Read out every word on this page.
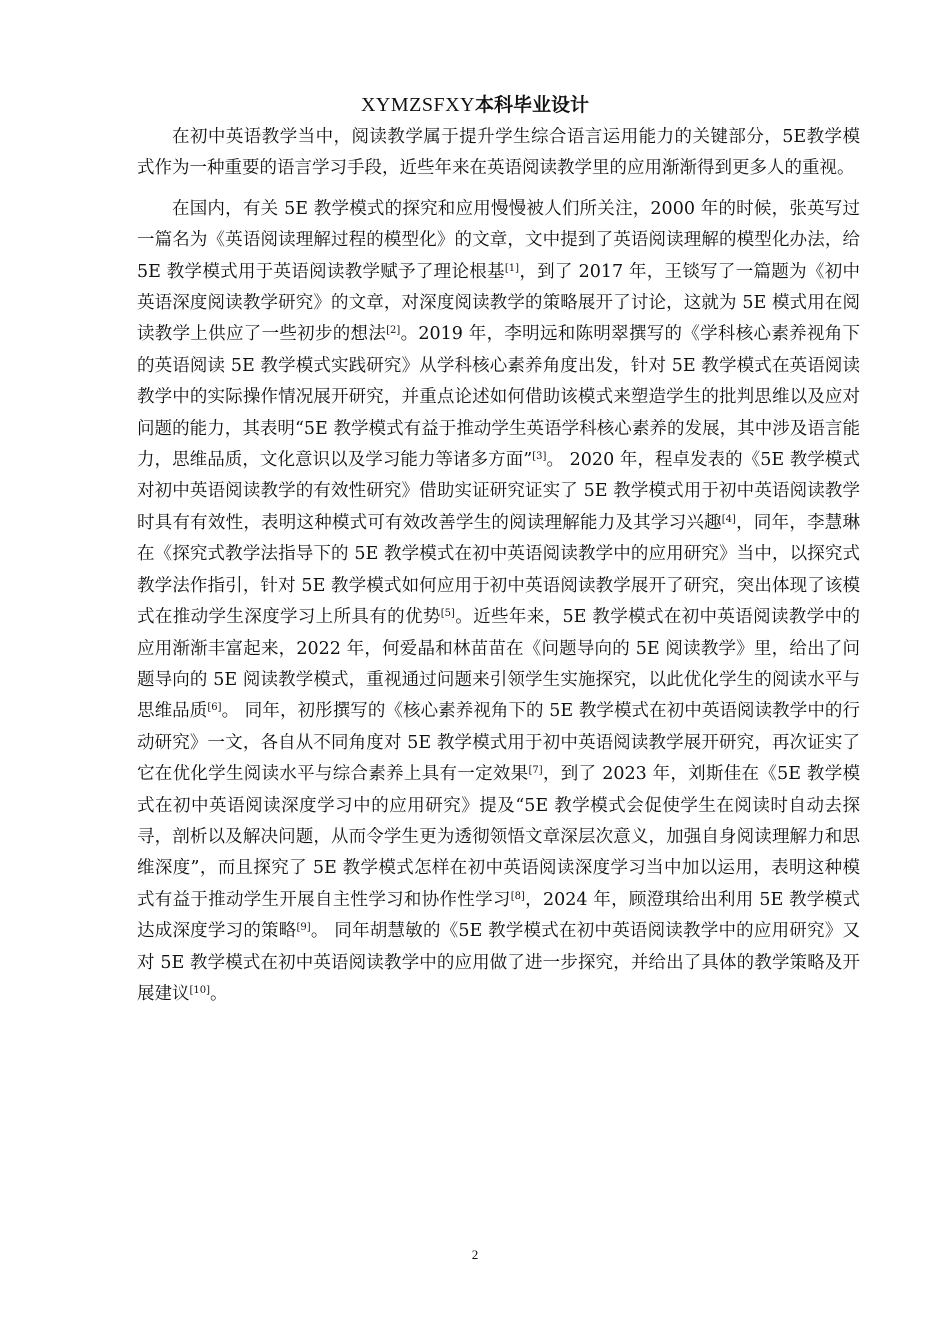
XYMZSFXY本科毕业设计

在初中英语教学当中，阅读教学属于提升学生综合语言运用能力的关键部分，5E教学模式作为一种重要的语言学习手段，近些年来在英语阅读教学里的应用渐渐得到更多人的重视。

在国内，有关 5E 教学模式的探究和应用慢慢被人们所关注，2000 年的时候，张英写过一篇名为《英语阅读理解过程的模型化》的文章，文中提到了英语阅读理解的模型化办法，给 5E 教学模式用于英语阅读教学赋予了理论根基[1]，到了 2017 年，王锬写了一篇题为《初中英语深度阅读教学研究》的文章，对深度阅读教学的策略展开了讨论，这就为 5E 模式用在阅读教学上供应了一些初步的想法[2]。2019 年，李明远和陈明翠撰写的《学科核心素养视角下的英语阅读 5E 教学模式实践研究》从学科核心素养角度出发，针对 5E 教学模式在英语阅读教学中的实际操作情况展开研究，并重点论述如何借助该模式来塑造学生的批判思维以及应对问题的能力，其表明“5E 教学模式有益于推动学生英语学科核心素养的发展，其中涉及语言能力，思维品质，文化意识以及学习能力等诸多方面”[3]。 2020 年，程卓发表的《5E 教学模式对初中英语阅读教学的有效性研究》借助实证研究证实了 5E 教学模式用于初中英语阅读教学时具有有效性，表明这种模式可有效改善学生的阅读理解能力及其学习兴趣[4]，同年，李慧琳在《探究式教学法指导下的 5E 教学模式在初中英语阅读教学中的应用研究》当中，以探究式教学法作指引，针对 5E 教学模式如何应用于初中英语阅读教学展开了研究，突出体现了该模式在推动学生深度学习上所具有的优势[5]。近些年来，5E 教学模式在初中英语阅读教学中的应用渐渐丰富起来，2022 年，何爱晶和林苗苗在《问题导向的 5E 阅读教学》里，给出了问题导向的 5E 阅读教学模式，重视通过问题来引领学生实施探究，以此优化学生的阅读水平与思维品质[6]。 同年，初彤撰写的《核心素养视角下的 5E 教学模式在初中英语阅读教学中的行动研究》一文，各自从不同角度对 5E 教学模式用于初中英语阅读教学展开研究，再次证实了它在优化学生阅读水平与综合素养上具有一定效果[7]，到了 2023 年，刘斯佳在《5E 教学模式在初中英语阅读深度学习中的应用研究》提及“5E 教学模式会促使学生在阅读时自动去探寻，剖析以及解决问题，从而令学生更为透彻领悟文章深层次意义，加强自身阅读理解力和思维深度”，而且探究了 5E 教学模式怎样在初中英语阅读深度学习当中加以运用，表明这种模式有益于推动学生开展自主性学习和协作性学习[8]，2024 年，顾澄琪给出利用 5E 教学模式达成深度学习的策略[9]。 同年胡慧敏的《5E 教学模式在初中英语阅读教学中的应用研究》又对 5E 教学模式在初中英语阅读教学中的应用做了进一步探究，并给出了具体的教学策略及开展建议[10]。

2
